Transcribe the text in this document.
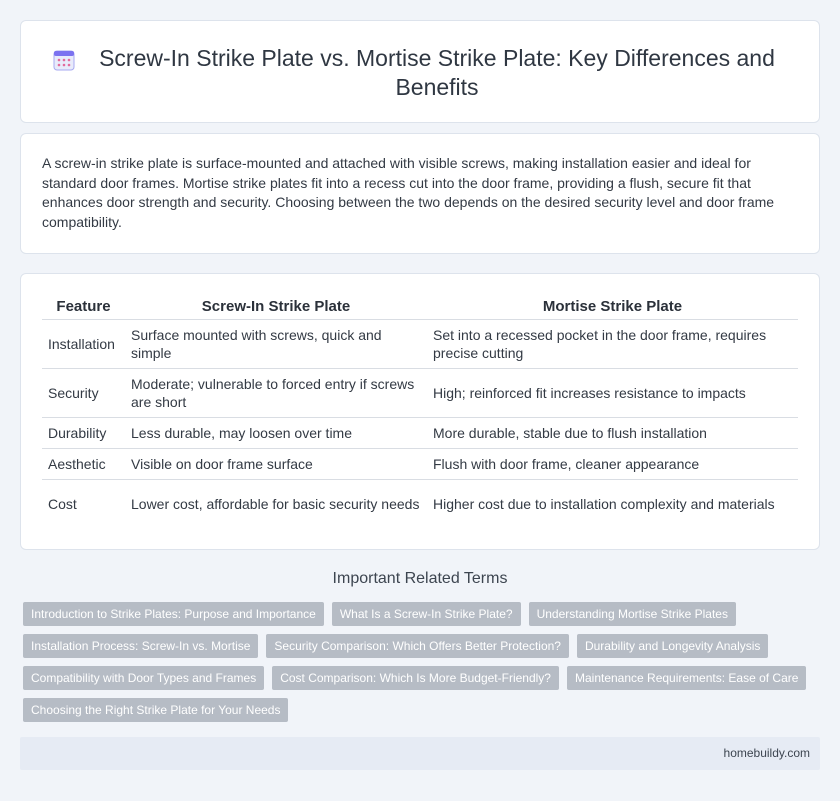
Screw-In Strike Plate vs. Mortise Strike Plate: Key Differences and Benefits

A screw-in strike plate is surface-mounted and attached with visible screws, making installation easier and ideal for standard door frames. Mortise strike plates fit into a recess cut into the door frame, providing a flush, secure fit that enhances door strength and security. Choosing between the two depends on the desired security level and door frame compatibility.

Feature	Screw-In Strike Plate	Mortise Strike Plate
Installation	Surface mounted with screws, quick and simple	Set into a recessed pocket in the door frame, requires precise cutting
Security	Moderate; vulnerable to forced entry if screws are short	High; reinforced fit increases resistance to impacts
Durability	Less durable, may loosen over time	More durable, stable due to flush installation
Aesthetic	Visible on door frame surface	Flush with door frame, cleaner appearance
Cost	Lower cost, affordable for basic security needs	Higher cost due to installation complexity and materials
Important Related Terms
Introduction to Strike Plates: Purpose and Importance	What Is a Screw-In Strike Plate?	Understanding Mortise Strike Plates
Installation Process: Screw-In vs. Mortise	Security Comparison: Which Offers Better Protection?	Durability and Longevity Analysis
Compatibility with Door Types and Frames	Cost Comparison: Which Is More Budget-Friendly?	Maintenance Requirements: Ease of Care
Choosing the Right Strike Plate for Your Needs
homebuildy.com
